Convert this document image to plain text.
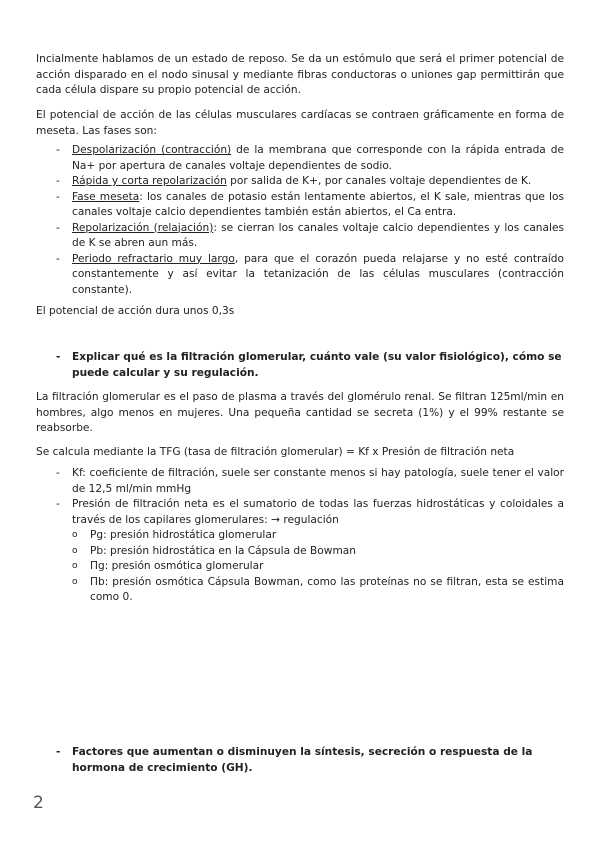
Incialmente hablamos de un estado de reposo. Se da un estómulo que será el primer potencial de acción disparado en el nodo sinusal y mediante fibras conductoras o uniones gap permittirán que cada célula dispare su propio potencial de acción.

El potencial de acción de las células musculares cardíacas se contraen gráficamente en forma de meseta. Las fases son:

- Despolarización (contracción) de la membrana que corresponde con la rápida entrada de Na+ por apertura de canales voltaje dependientes de sodio.
- Rápida y corta repolarización por salida de K+, por canales voltaje dependientes de K.
- Fase meseta: los canales de potasio están lentamente abiertos, el K sale, mientras que los canales voltaje calcio dependientes también están abiertos, el Ca entra.
- Repolarización (relajación): se cierran los canales voltaje calcio dependientes y los canales de K se abren aun más.
- Periodo refractario muy largo, para que el corazón pueda relajarse y no esté contraído constantemente y así evitar la tetanización de las células musculares (contracción constante).

El potencial de acción dura unos 0,3s

- Explicar qué es la filtración glomerular, cuánto vale (su valor fisiológico), cómo se puede calcular y su regulación.

La filtración glomerular es el paso de plasma a través del glomérulo renal. Se filtran 125ml/min en hombres, algo menos en mujeres. Una pequeña cantidad se secreta (1%) y el 99% restante se reabsorbe.

Se calcula mediante la TFG (tasa de filtración glomerular) = Kf x Presión de filtración neta

- Kf: coeficiente de filtración, suele ser constante menos si hay patología, suele tener el valor de 12,5 ml/min mmHg
- Presión de filtración neta es el sumatorio de todas las fuerzas hidrostáticas y coloidales a través de los capilares glomerulares: → regulación
o Pg: presión hidrostática glomerular
o Pb: presión hidrostática en la Cápsula de Bowman
o Πg: presión osmótica glomerular
o Πb: presión osmótica Cápsula Bowman, como las proteínas no se filtran, esta se estima como 0.
- Factores que aumentan o disminuyen la síntesis, secreción o respuesta de la hormona de crecimiento (GH).
2
